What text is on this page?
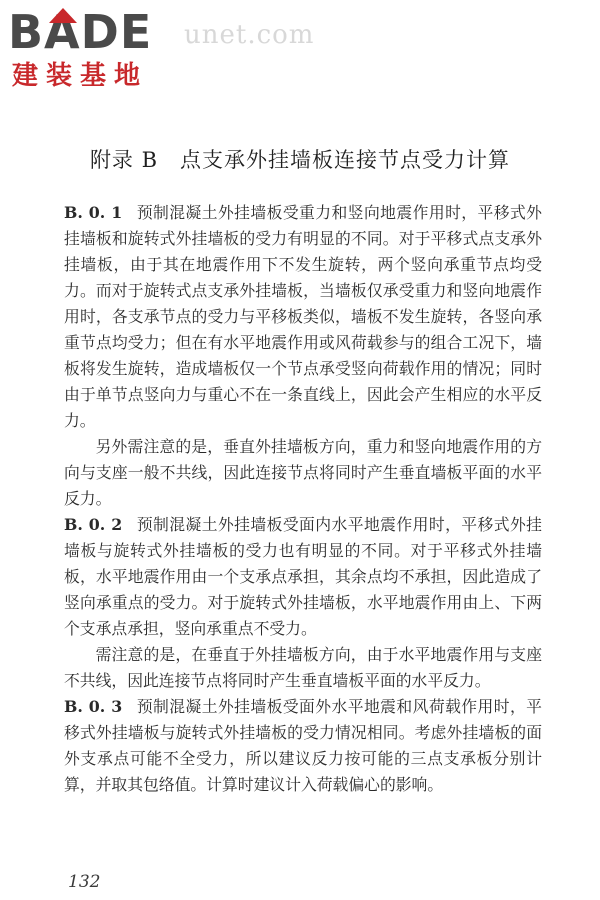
BADE
建装基地
unet.com
附录 B　点支承外挂墙板连接节点受力计算

B. 0. 1 预制混凝土外挂墙板受重力和竖向地震作用时，平移式外挂墙板和旋转式外挂墙板的受力有明显的不同。对于平移式点支承外挂墙板，由于其在地震作用下不发生旋转，两个竖向承重节点均受力。而对于旋转式点支承外挂墙板，当墙板仅承受重力和竖向地震作用时，各支承节点的受力与平移板类似，墙板不发生旋转，各竖向承重节点均受力；但在有水平地震作用或风荷载参与的组合工况下，墙板将发生旋转，造成墙板仅一个节点承受竖向荷载作用的情况；同时由于单节点竖向力与重心不在一条直线上，因此会产生相应的水平反力。

另外需注意的是，垂直外挂墙板方向，重力和竖向地震作用的方向与支座一般不共线，因此连接节点将同时产生垂直墙板平面的水平反力。

B. 0. 2 预制混凝土外挂墙板受面内水平地震作用时，平移式外挂墙板与旋转式外挂墙板的受力也有明显的不同。对于平移式外挂墙板，水平地震作用由一个支承点承担，其余点均不承担，因此造成了竖向承重点的受力。对于旋转式外挂墙板，水平地震作用由上、下两个支承点承担，竖向承重点不受力。

需注意的是，在垂直于外挂墙板方向，由于水平地震作用与支座不共线，因此连接节点将同时产生垂直墙板平面的水平反力。

B. 0. 3 预制混凝土外挂墙板受面外水平地震和风荷载作用时，平移式外挂墙板与旋转式外挂墙板的受力情况相同。考虑外挂墙板的面外支承点可能不全受力，所以建议反力按可能的三点支承板分别计算，并取其包络值。计算时建议计入荷载偏心的影响。

132
